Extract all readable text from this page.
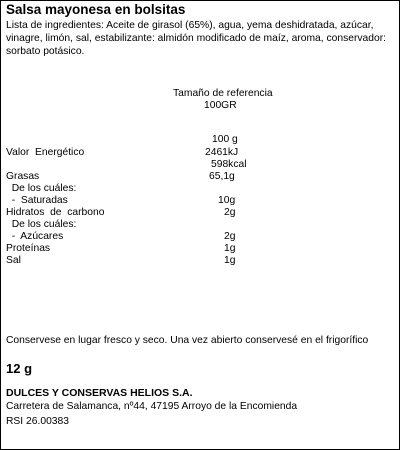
Salsa mayonesa en bolsitas
Lista de ingredientes: Aceite de girasol (65%), agua, yema deshidratada, azúcar, vinagre, limón, sal, estabilizante: almidón modificado de maíz, aroma, conservador: sorbato potásico.
Tamaño de referencia
100GR
100 g
Valor  Energético	2461kJ
598kcal
Grasas	65,1g
De los cuáles:
-  Saturadas	10g
Hidratos  de  carbono	2g
De los cuáles:
-  Azúcares	2g
Proteínas	1g
Sal	1g
Conservese en lugar fresco y seco. Una vez abierto conservesé en el frigorífico
12 g
DULCES Y CONSERVAS HELIOS S.A.
Carretera de Salamanca, nº44, 47195 Arroyo de la Encomienda
RSI 26.00383
